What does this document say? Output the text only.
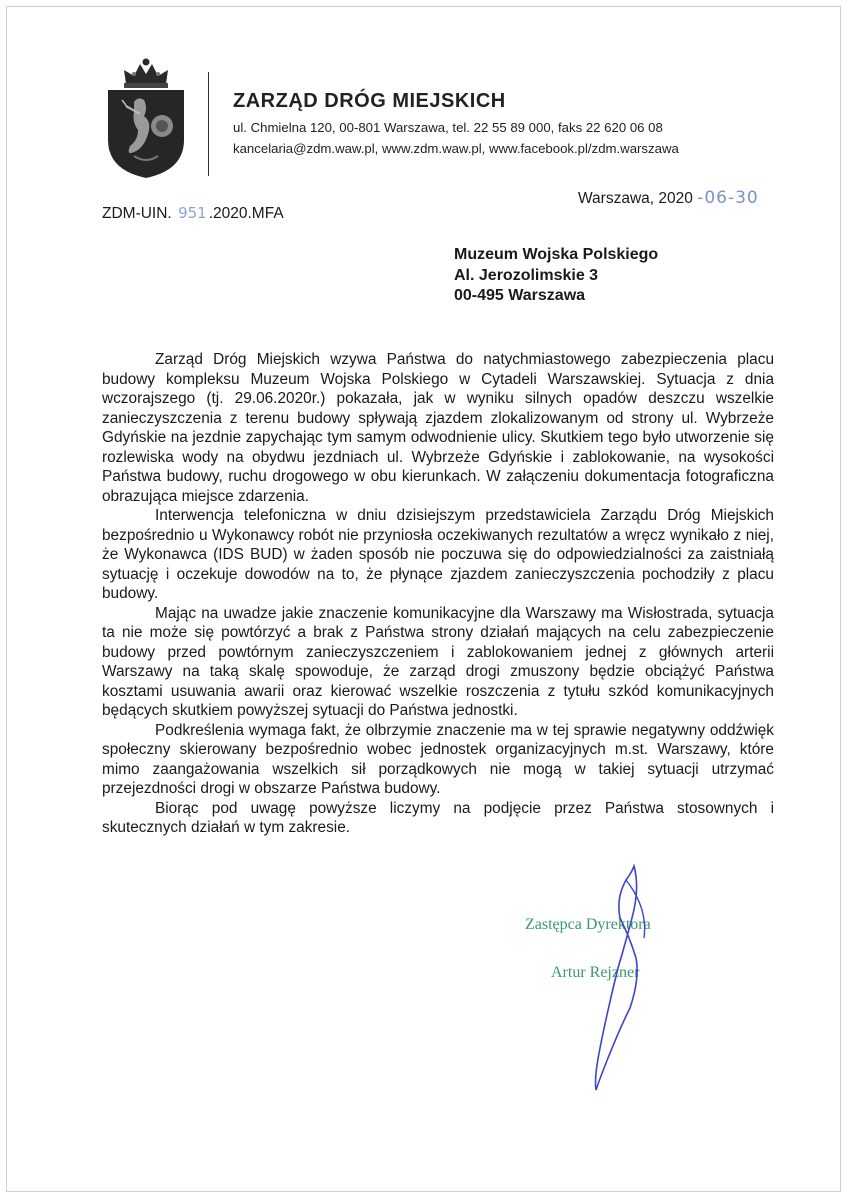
ZARZĄD DRÓG MIEJSKICH
ul. Chmielna 120, 00-801 Warszawa, tel. 22 55 89 000, faks 22 620 06 08
kancelaria@zdm.waw.pl, www.zdm.waw.pl, www.facebook.pl/zdm.warszawa
Warszawa, 2020 -06-30
ZDM-UIN. 951 .2020.MFA
Muzeum Wojska Polskiego
Al. Jerozolimskie 3
00-495 Warszawa

Zarząd Dróg Miejskich wzywa Państwa do natychmiastowego zabezpieczenia placu budowy kompleksu Muzeum Wojska Polskiego w Cytadeli Warszawskiej. Sytuacja z dnia wczorajszego (tj. 29.06.2020r.) pokazała, jak w wyniku silnych opadów deszczu wszelkie zanieczyszczenia z terenu budowy spływają zjazdem zlokalizowanym od strony ul. Wybrzeże Gdyńskie na jezdnie zapychając tym samym odwodnienie ulicy. Skutkiem tego było utworzenie się rozlewiska wody na obydwu jezdniach ul. Wybrzeże Gdyńskie i zablokowanie, na wysokości Państwa budowy, ruchu drogowego w obu kierunkach. W załączeniu dokumentacja fotograficzna obrazująca miejsce zdarzenia.

Interwencja telefoniczna w dniu dzisiejszym przedstawiciela Zarządu Dróg Miejskich bezpośrednio u Wykonawcy robót nie przyniosła oczekiwanych rezultatów a wręcz wynikało z niej, że Wykonawca (IDS BUD) w żaden sposób nie poczuwa się do odpowiedzialności za zaistniałą sytuację i oczekuje dowodów na to, że płynące zjazdem zanieczyszczenia pochodziły z placu budowy.

Mając na uwadze jakie znaczenie komunikacyjne dla Warszawy ma Wisłostrada, sytuacja ta nie może się powtórzyć a brak z Państwa strony działań mających na celu zabezpieczenie budowy przed powtórnym zanieczyszczeniem i zablokowaniem jednej z głównych arterii Warszawy na taką skalę spowoduje, że zarząd drogi zmuszony będzie obciążyć Państwa kosztami usuwania awarii oraz kierować wszelkie roszczenia z tytułu szkód komunikacyjnych będących skutkiem powyższej sytuacji do Państwa jednostki.

Podkreślenia wymaga fakt, że olbrzymie znaczenie ma w tej sprawie negatywny oddźwięk społeczny skierowany bezpośrednio wobec jednostek organizacyjnych m.st. Warszawy, które mimo zaangażowania wszelkich sił porządkowych nie mogą w takiej sytuacji utrzymać przejezdności drogi w obszarze Państwa budowy.

Biorąc pod uwagę powyższe liczymy na podjęcie przez Państwa stosownych i skutecznych działań w tym zakresie.

Zastępca Dyrektora
Artur Rejzner
